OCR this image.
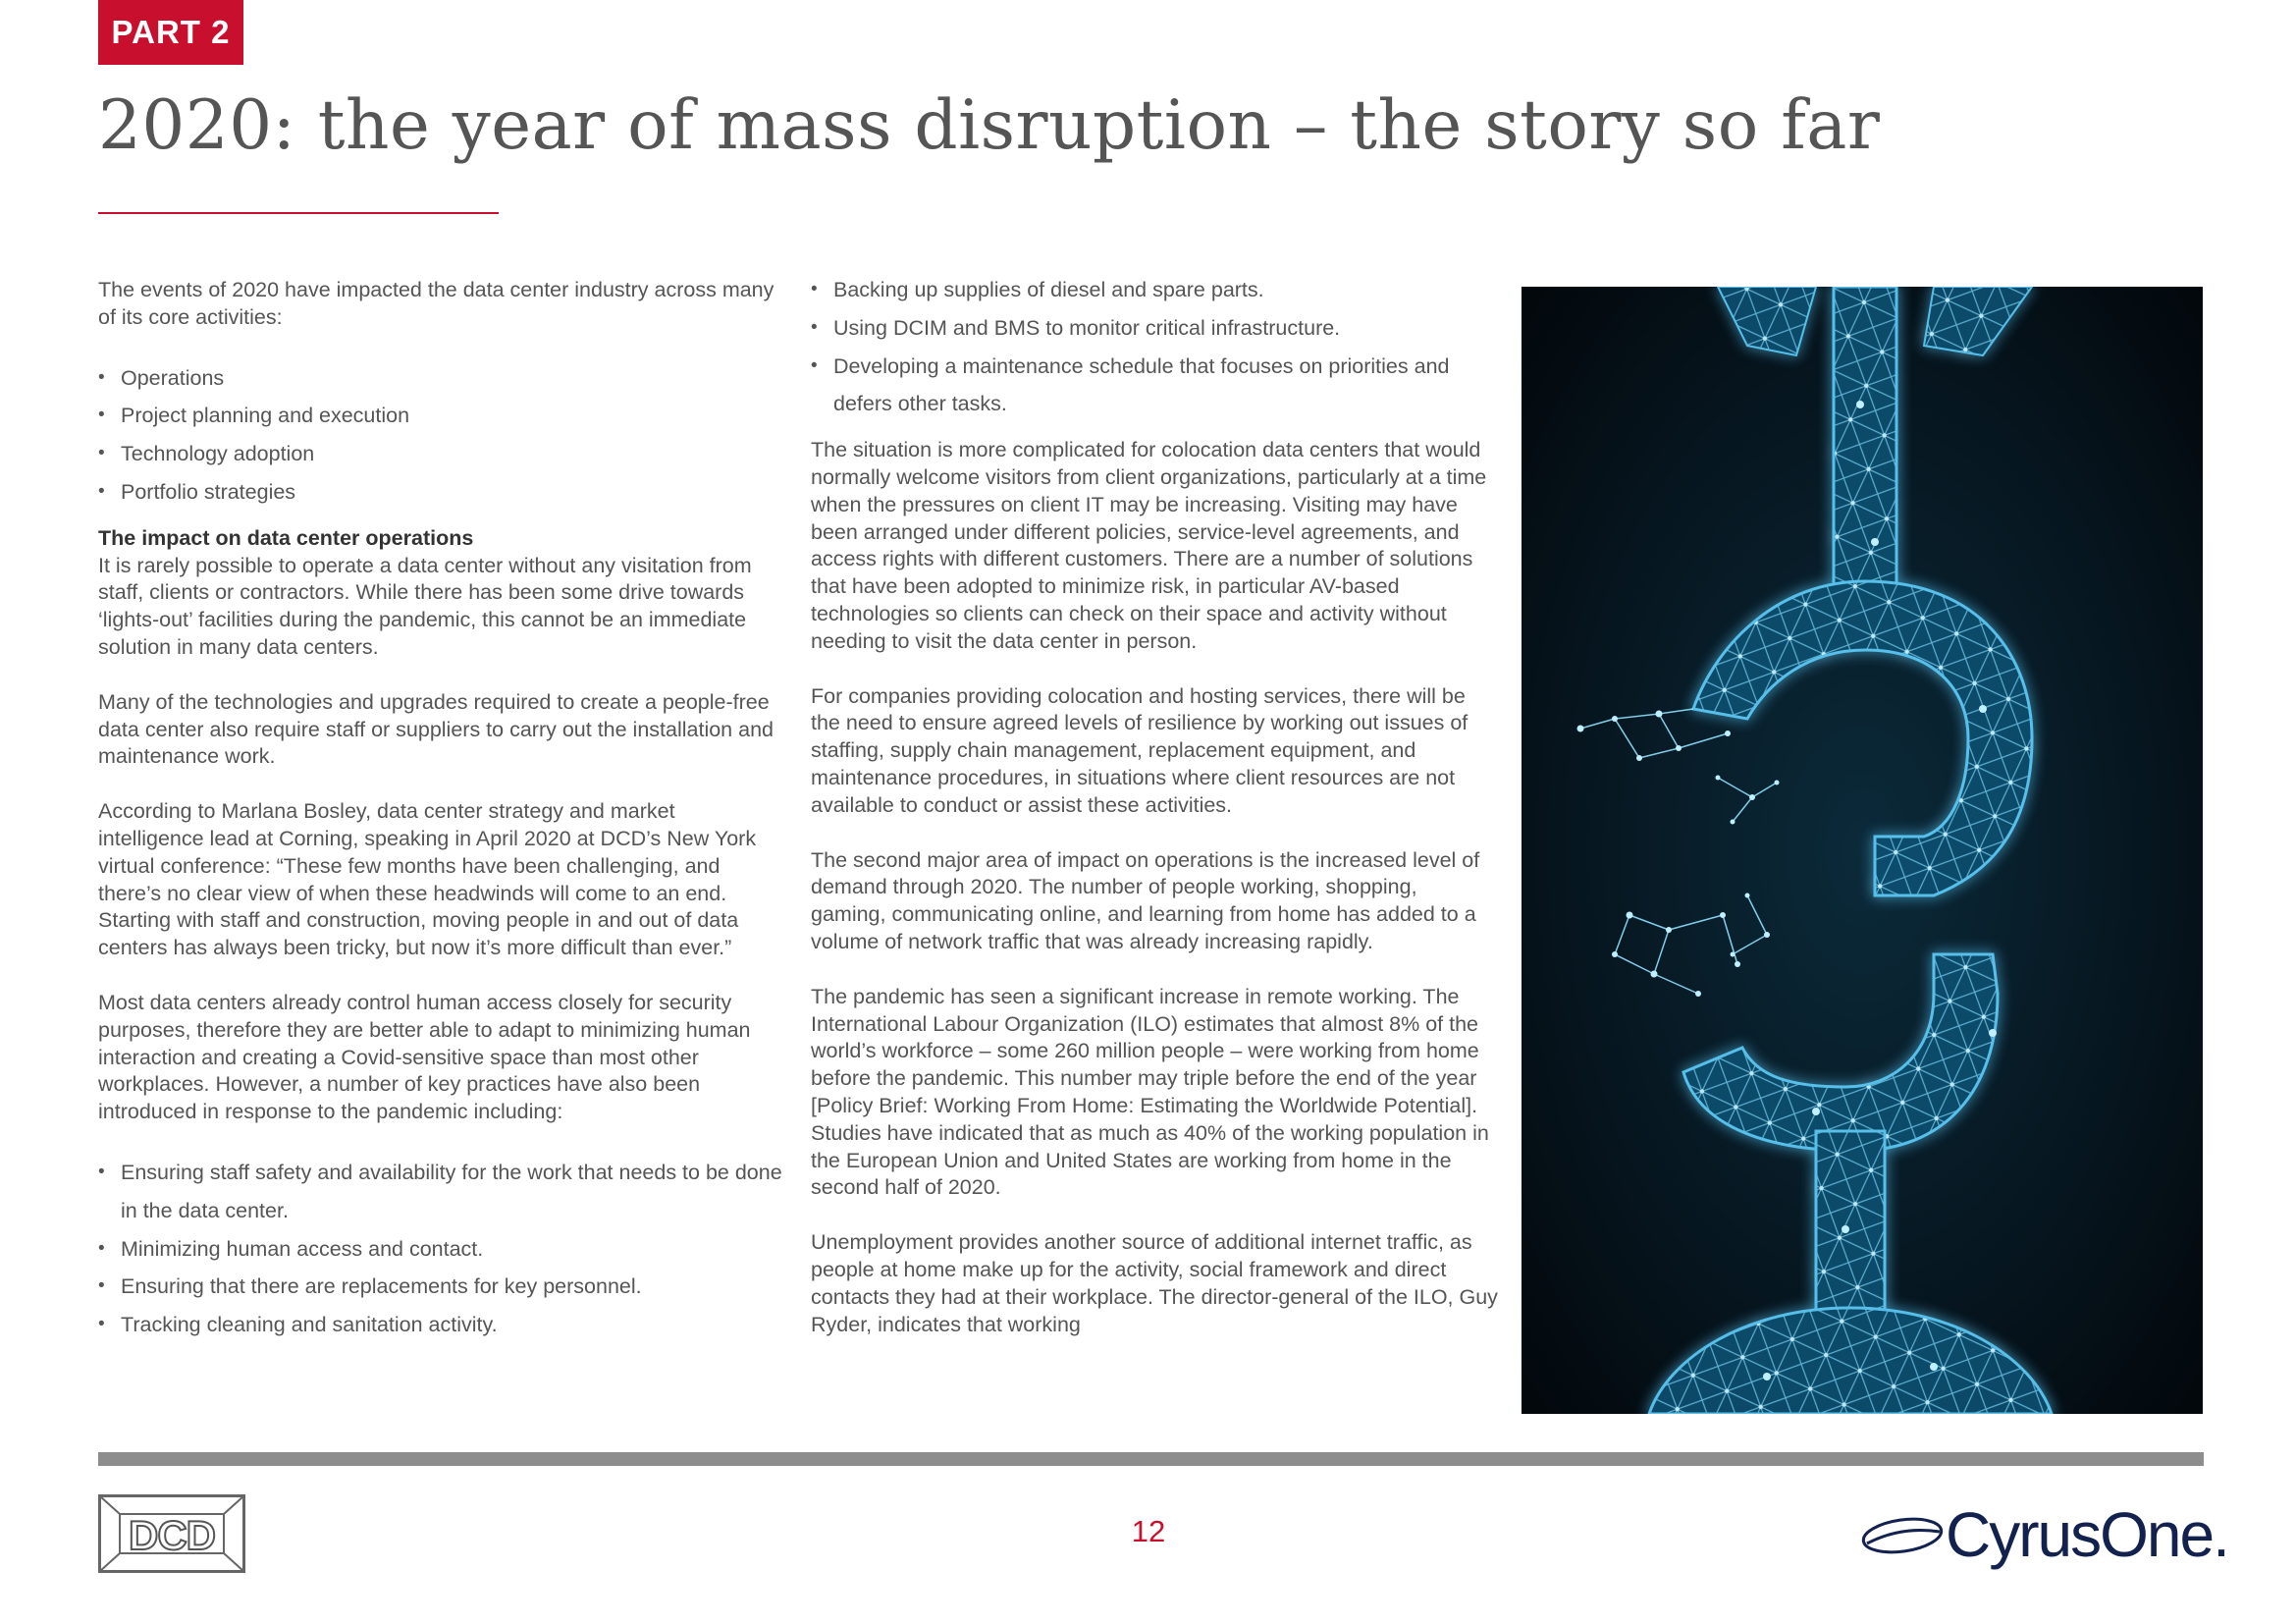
PART 2
2020: the year of mass disruption – the story so far

The events of 2020 have impacted the data center industry across many of its core activities:

• Operations
• Project planning and execution
• Technology adoption
• Portfolio strategies
The impact on data center operations

It is rarely possible to operate a data center without any visitation from staff, clients or contractors. While there has been some drive towards ‘lights-out’ facilities during the pandemic, this cannot be an immediate solution in many data centers.

Many of the technologies and upgrades required to create a people-free data center also require staff or suppliers to carry out the installation and maintenance work.

According to Marlana Bosley, data center strategy and market intelligence lead at Corning, speaking in April 2020 at DCD’s New York virtual conference: “These few months have been challenging, and there’s no clear view of when these headwinds will come to an end. Starting with staff and construction, moving people in and out of data centers has always been tricky, but now it’s more difficult than ever.”

Most data centers already control human access closely for security purposes, therefore they are better able to adapt to minimizing human interaction and creating a Covid-sensitive space than most other workplaces. However, a number of key practices have also been introduced in response to the pandemic including:

• Ensuring staff safety and availability for the work that needs to be done in the data center.
• Minimizing human access and contact.
• Ensuring that there are replacements for key personnel.
• Tracking cleaning and sanitation activity.
• Backing up supplies of diesel and spare parts.
• Using DCIM and BMS to monitor critical infrastructure.
• Developing a maintenance schedule that focuses on priorities and defers other tasks.

The situation is more complicated for colocation data centers that would normally welcome visitors from client organizations, particularly at a time when the pressures on client IT may be increasing. Visiting may have been arranged under different policies, service-level agreements, and access rights with different customers. There are a number of solutions that have been adopted to minimize risk, in particular AV-based technologies so clients can check on their space and activity without needing to visit the data center in person.

For companies providing colocation and hosting services, there will be the need to ensure agreed levels of resilience by working out issues of staffing, supply chain management, replacement equipment, and maintenance procedures, in situations where client resources are not available to conduct or assist these activities.

The second major area of impact on operations is the increased level of demand through 2020. The number of people working, shopping, gaming, communicating online, and learning from home has added to a volume of network traffic that was already increasing rapidly.

The pandemic has seen a significant increase in remote working. The International Labour Organization (ILO) estimates that almost 8% of the world’s workforce – some 260 million people – were working from home before the pandemic. This number may triple before the end of the year [Policy Brief: Working From Home: Estimating the Worldwide Potential]. Studies have indicated that as much as 40% of the working population in the European Union and United States are working from home in the second half of 2020.

Unemployment provides another source of additional internet traffic, as people at home make up for the activity, social framework and direct contacts they had at their workplace. The director-general of the ILO, Guy Ryder, indicates that working

DCD	12	CyrusOne.
